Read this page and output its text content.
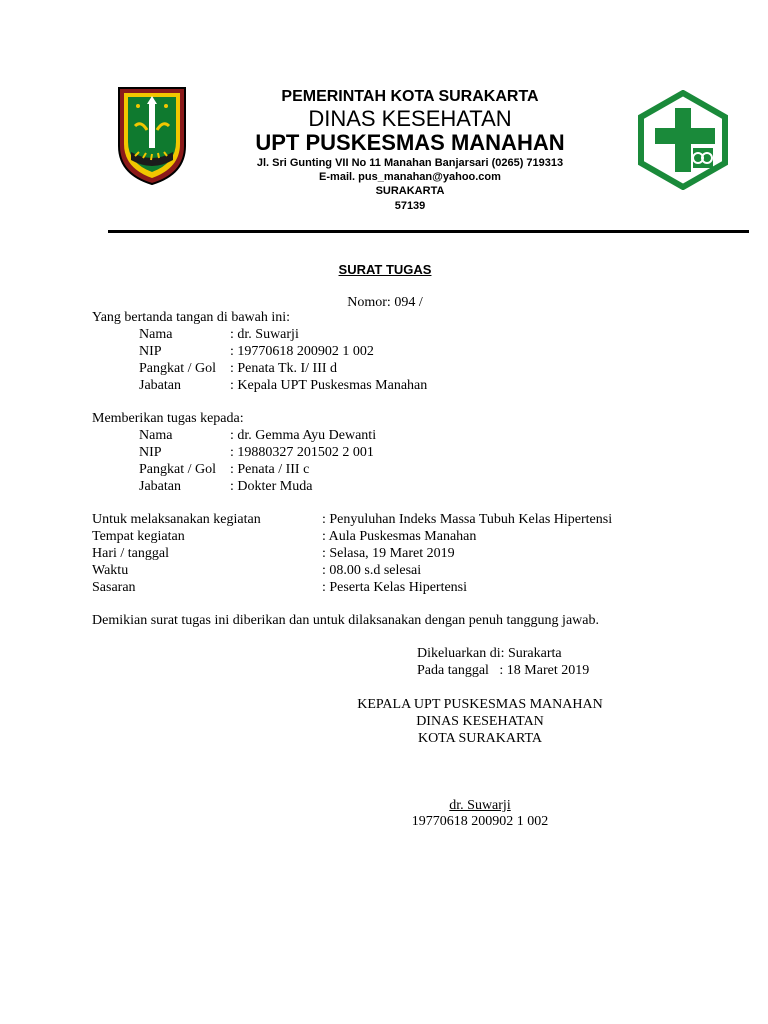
PEMERINTAH KOTA SURAKARTA
DINAS KESEHATAN
UPT PUSKESMAS MANAHAN
Jl. Sri Gunting VII No 11 Manahan Banjarsari (0265) 719313
E-mail. pus_manahan@yahoo.com
SURAKARTA
57139
SURAT TUGAS
Nomor: 094 /
Yang bertanda tangan di bawah ini:
Nama	: dr. Suwarji
NIP	: 19770618 200902 1 002
Pangkat / Gol : Penata Tk. I/ III d
Jabatan	: Kepala UPT Puskesmas Manahan
Memberikan tugas kepada:
Nama	: dr. Gemma Ayu Dewanti
NIP	: 19880327 201502 2 001
Pangkat / Gol : Penata / III c
Jabatan	: Dokter Muda
Untuk melaksanakan kegiatan	: Penyuluhan Indeks Massa Tubuh Kelas Hipertensi
Tempat kegiatan	: Aula Puskesmas Manahan
Hari / tanggal	: Selasa, 19 Maret 2019
Waktu	: 08.00 s.d selesai
Sasaran	: Peserta Kelas Hipertensi
Demikian surat tugas ini diberikan dan untuk dilaksanakan dengan penuh tanggung jawab.
Dikeluarkan di: Surakarta
Pada tanggal   : 18 Maret 2019
KEPALA UPT PUSKESMAS MANAHAN
DINAS KESEHATAN
KOTA SURAKARTA
dr. Suwarji
19770618 200902 1 002
